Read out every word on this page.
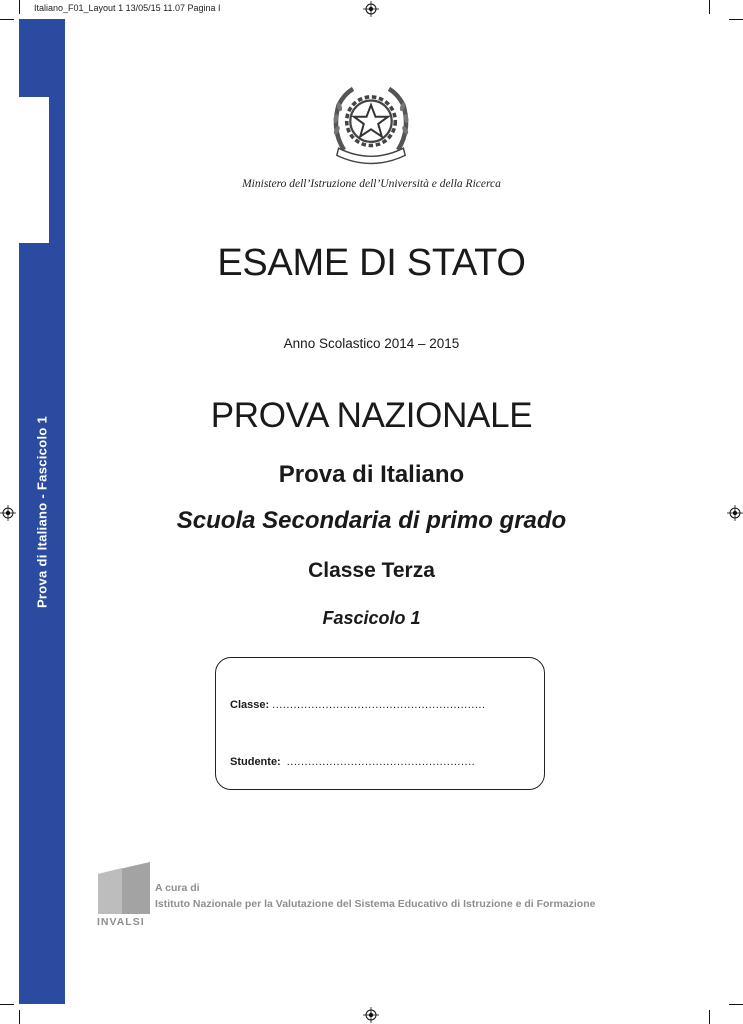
Italiano_F01_Layout 1 13/05/15 11.07 Pagina I
Prova di Italiano - Fascicolo 1
Ministero dell’Istruzione dell’Università e della Ricerca
ESAME DI STATO
Anno Scolastico 2014 – 2015
PROVA NAZIONALE
Prova di Italiano
Scuola Secondaria di primo grado
Classe Terza
Fascicolo 1
Classe: ............................................................
Studente: .....................................................
INVALSI
A cura di
Istituto Nazionale per la Valutazione del Sistema Educativo di Istruzione e di Formazione
